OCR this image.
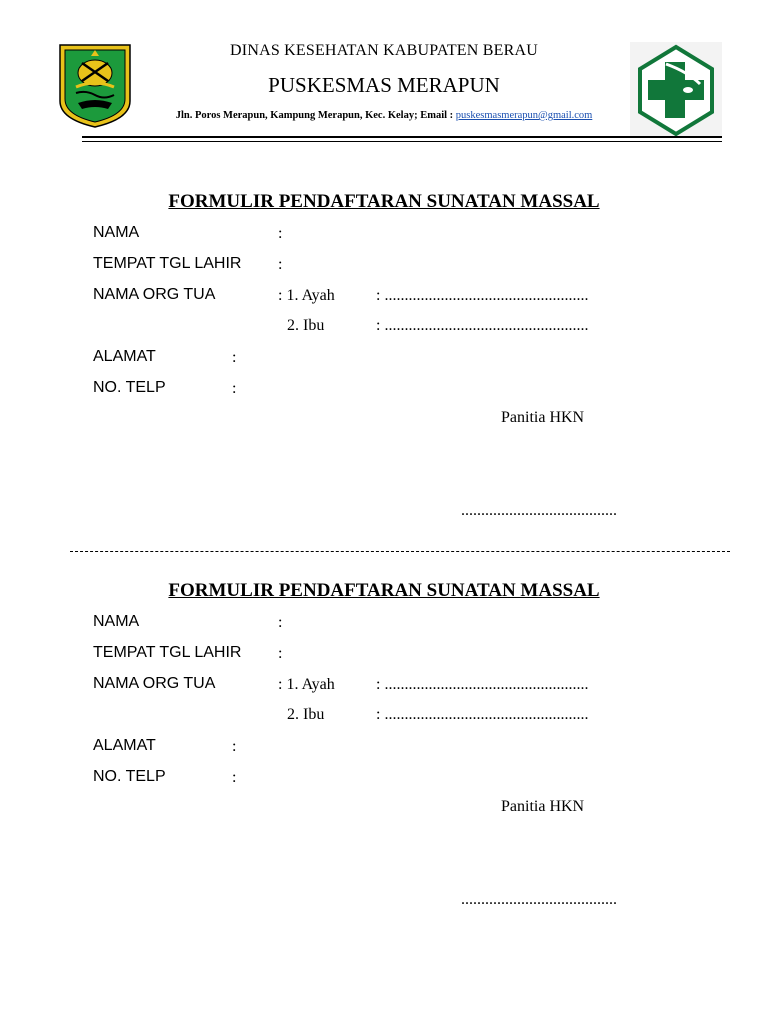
DINAS KESEHATAN KABUPATEN BERAU
PUSKESMAS MERAPUN
Jln. Poros Merapun, Kampung Merapun, Kec. Kelay; Email : puskesmasmerapun@gmail.com
FORMULIR PENDAFTARAN SUNATAN MASSAL
NAMA	:
TEMPAT TGL LAHIR :
NAMA ORG TUA	: 1. Ayah	: ...................................................
2. Ibu	: ...................................................
ALAMAT	:
NO. TELP	:
Panitia HKN
.......................................
FORMULIR PENDAFTARAN SUNATAN MASSAL
NAMA	:
TEMPAT TGL LAHIR :
NAMA ORG TUA	: 1. Ayah	: ...................................................
2. Ibu	: ...................................................
ALAMAT	:
NO. TELP	:
Panitia HKN
.......................................
